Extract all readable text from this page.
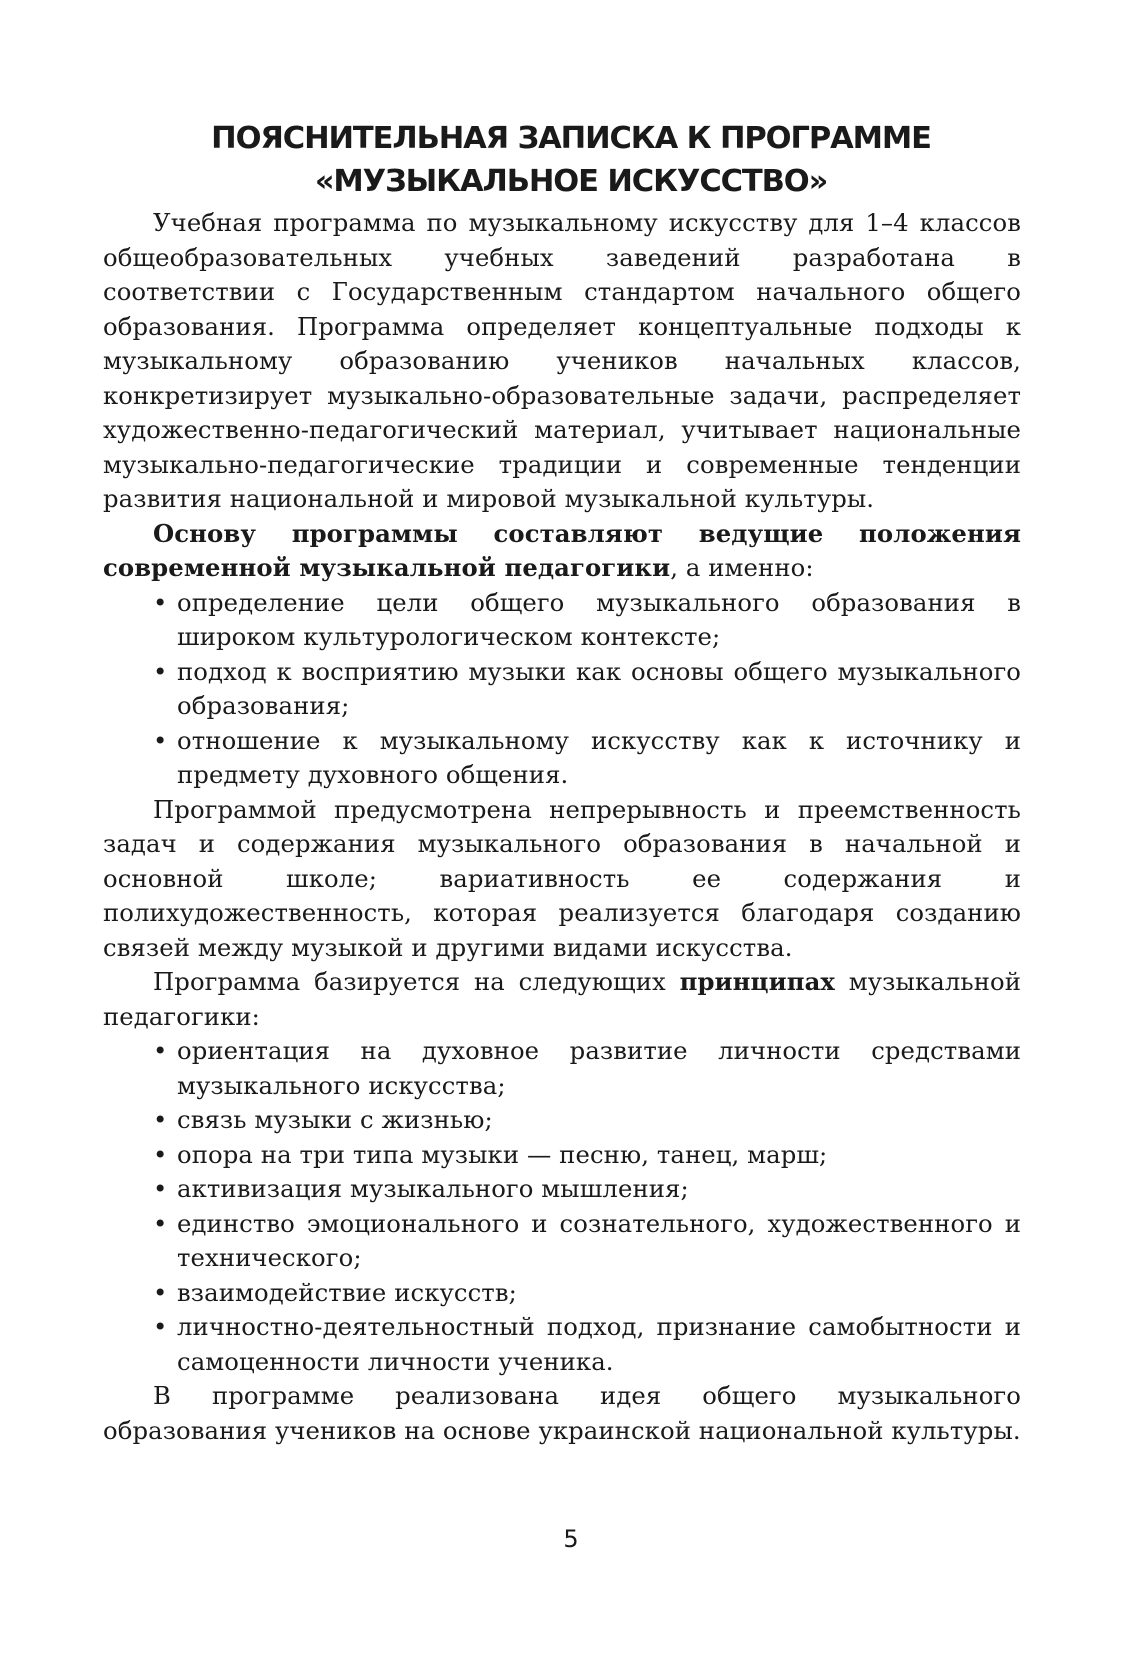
ПОЯСНИТЕЛЬНАЯ ЗАПИСКА К ПРОГРАММЕ
«МУЗЫКАЛЬНОЕ ИСКУССТВО»

Учебная программа по музыкальному искусству для 1–4 классов общеобразовательных учебных заведений разработана в соответствии с Государственным стандартом начального общего образования. Программа определяет концептуальные подходы к музыкальному образованию учеников начальных классов, конкретизирует музыкально-образовательные задачи, распределяет художественно-педагогический материал, учитывает национальные музыкально-педагогические традиции и современные тенденции развития национальной и мировой музыкальной культуры.

Основу программы составляют ведущие положения современной музыкальной педагогики, а именно:

• определение цели общего музыкального образования в широком культурологическом контексте;
• подход к восприятию музыки как основы общего музыкального образования;
• отношение к музыкальному искусству как к источнику и предмету духовного общения.

Программой предусмотрена непрерывность и преемственность задач и содержания музыкального образования в начальной и основной школе; вариативность ее содержания и полихудожественность, которая реализуется благодаря созданию связей между музыкой и другими видами искусства.

Программа базируется на следующих принципах музыкальной педагогики:

• ориентация на духовное развитие личности средствами музыкального искусства;
• связь музыки с жизнью;
• опора на три типа музыки — песню, танец, марш;
• активизация музыкального мышления;
• единство эмоционального и сознательного, художественного и технического;
• взаимодействие искусств;
• личностно-деятельностный подход, признание самобытности и самоценности личности ученика.

В программе реализована идея общего музыкального образования учеников на основе украинской национальной культуры.

5
